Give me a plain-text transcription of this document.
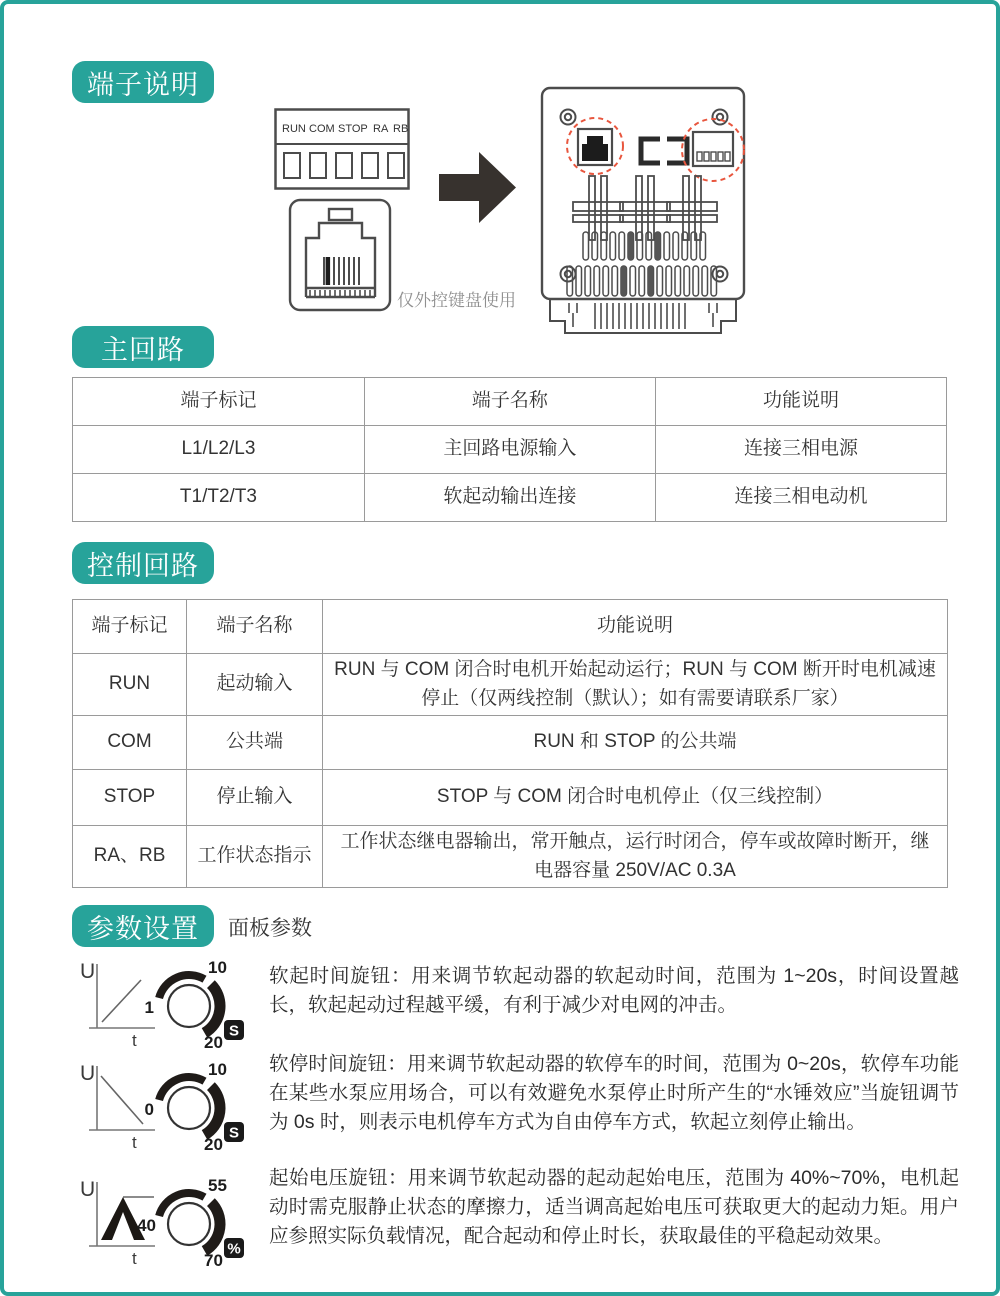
端子说明
RUN COM STOP RA RB
仅外控键盘使用
主回路
端子标记	端子名称	功能说明
L1/L2/L3	主回路电源输入	连接三相电源
T1/T2/T3	软起动输出连接	连接三相电动机
控制回路
端子标记	端子名称	功能说明
RUN	起动输入	RUN 与 COM 闭合时电机开始起动运行；RUN 与 COM 断开时电机减速停止（仅两线控制（默认）；如有需要请联系厂家）
COM	公共端	RUN 和 STOP 的公共端
STOP	停止输入	STOP 与 COM 闭合时电机停止（仅三线控制）
RA、RB	工作状态指示	工作状态继电器输出，常开触点，运行时闭合，停车或故障时断开，继电器容量 250V/AC 0.3A
参数设置 面板参数
U
t
1
10
20
S
软起时间旋钮：用来调节软起动器的软起动时间，范围为 1~20s，时间设置越长，软起起动过程越平缓，有利于减少对电网的冲击。
U
t
0
10
20
S
软停时间旋钮：用来调节软起动器的软停车的时间，范围为 0~20s，软停车功能在某些水泵应用场合，可以有效避免水泵停止时所产生的“水锤效应”当旋钮调节为 0s 时，则表示电机停车方式为自由停车方式，软起立刻停止输出。
U
t
40
55
70
%
起始电压旋钮：用来调节软起动器的起动起始电压，范围为 40%~70%，电机起动时需克服静止状态的摩擦力，适当调高起始电压可获取更大的起动力矩。用户应参照实际负载情况，配合起动和停止时长，获取最佳的平稳起动效果。
